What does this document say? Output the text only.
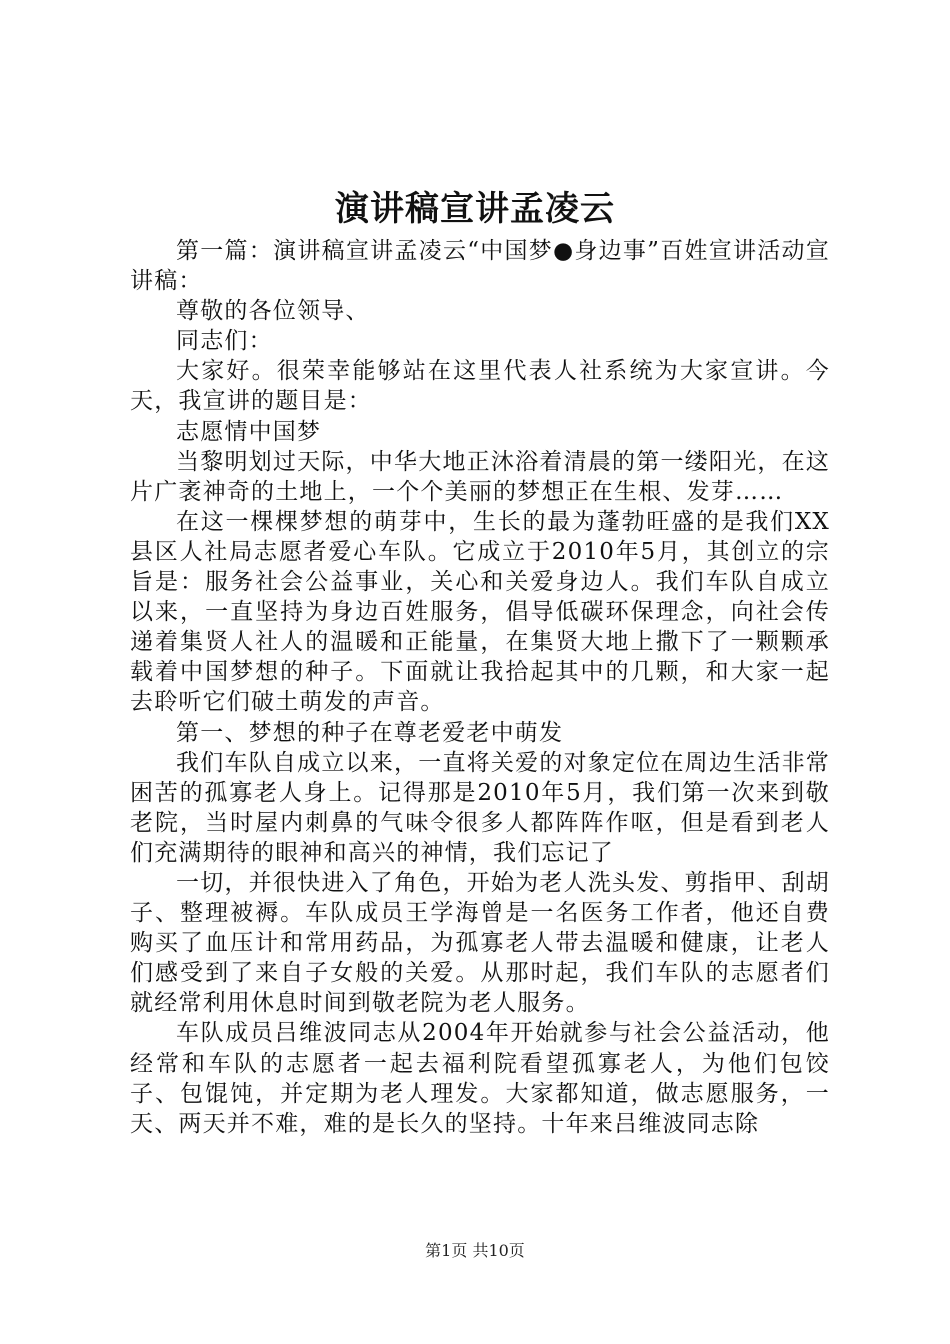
演讲稿宣讲孟凌云

第一篇：演讲稿宣讲孟凌云“中国梦●身边事”百姓宣讲活动宣讲稿：

尊敬的各位领导、

同志们：

大家好。很荣幸能够站在这里代表人社系统为大家宣讲。今天，我宣讲的题目是：

志愿情中国梦

当黎明划过天际，中华大地正沐浴着清晨的第一缕阳光，在这片广袤神奇的土地上，一个个美丽的梦想正在生根、发芽……

在这一棵棵梦想的萌芽中，生长的最为蓬勃旺盛的是我们XX县区人社局志愿者爱心车队。它成立于2010年5月，其创立的宗旨是：服务社会公益事业，关心和关爱身边人。我们车队自成立以来，一直坚持为身边百姓服务，倡导低碳环保理念，向社会传递着集贤人社人的温暖和正能量，在集贤大地上撒下了一颗颗承载着中国梦想的种子。下面就让我拾起其中的几颗，和大家一起去聆听它们破土萌发的声音。

第一、梦想的种子在尊老爱老中萌发

我们车队自成立以来，一直将关爱的对象定位在周边生活非常困苦的孤寡老人身上。记得那是2010年5月，我们第一次来到敬老院，当时屋内刺鼻的气味令很多人都阵阵作呕，但是看到老人们充满期待的眼神和高兴的神情，我们忘记了

一切，并很快进入了角色，开始为老人洗头发、剪指甲、刮胡子、整理被褥。车队成员王学海曾是一名医务工作者，他还自费购买了血压计和常用药品，为孤寡老人带去温暖和健康，让老人们感受到了来自子女般的关爱。从那时起，我们车队的志愿者们就经常利用休息时间到敬老院为老人服务。

车队成员吕维波同志从2004年开始就参与社会公益活动，他经常和车队的志愿者一起去福利院看望孤寡老人，为他们包饺子、包馄饨，并定期为老人理发。大家都知道，做志愿服务，一天、两天并不难，难的是长久的坚持。十年来吕维波同志除

第1页 共10页
